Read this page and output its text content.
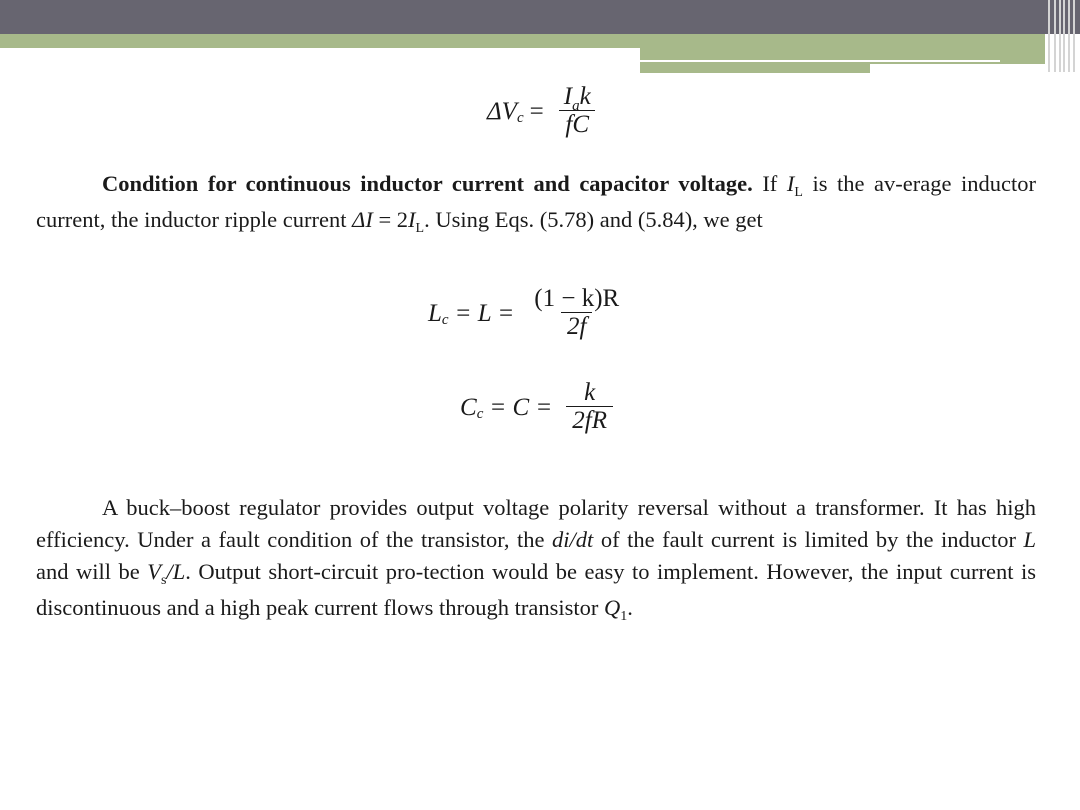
ΔV $c = \frac{I_ak}{fC}$
Condition for continuous inductor current and capacitor voltage. If $I_L$ is the av-erage inductor current, the inductor ripple current $\Delta I = 2I_L$. Using Eqs. (5.78) and (5.84), we get
L $c = L = \frac{(1 - k)R}{2f}$
C $c = C = \frac{k}{2fR}$
A buck–boost regulator provides output voltage polarity reversal without a transformer. It has high efficiency. Under a fault condition of the transistor, the di/dt of the fault current is limited by the inductor L and will be $V_s/L$. Output short-circuit pro-tection would be easy to implement. However, the input current is discontinuous and a high peak current flows through transistor $Q_1$.
